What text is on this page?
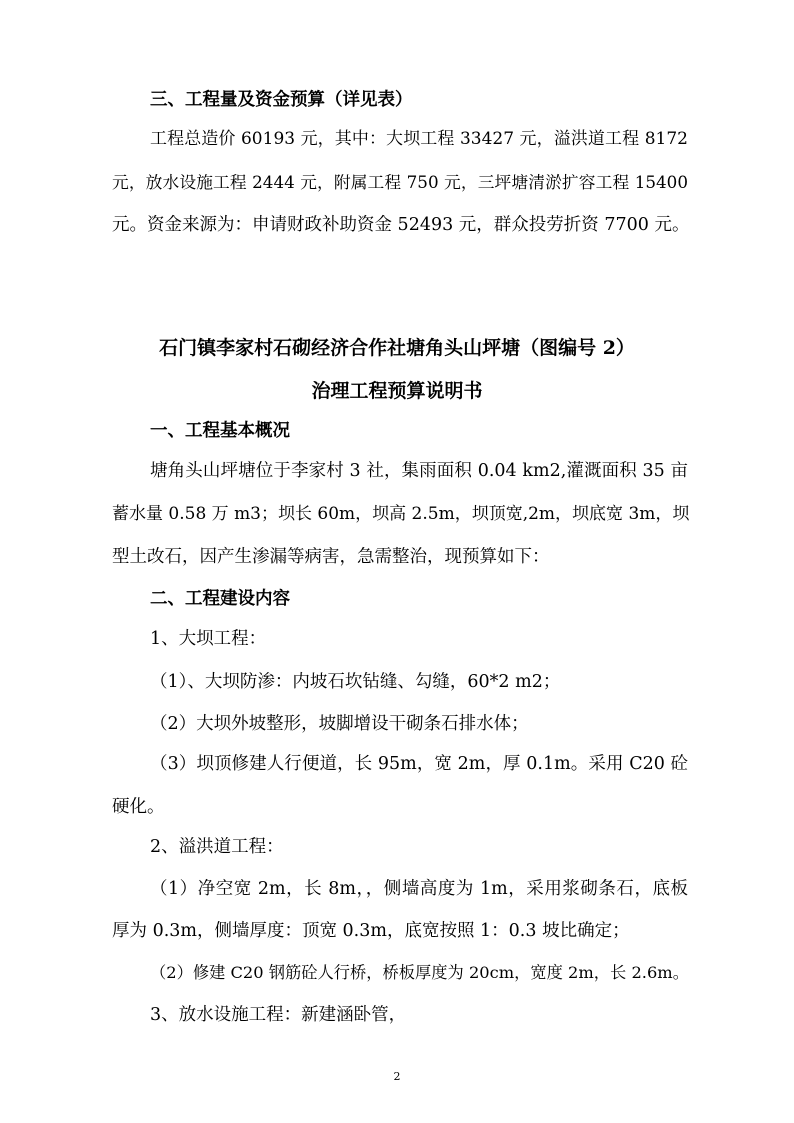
三、工程量及资金预算（详见表）
工程总造价 60193 元，其中：大坝工程 33427 元，溢洪道工程 8172
元，放水设施工程 2444 元，附属工程 750 元，三坪塘清淤扩容工程 15400
元。资金来源为：申请财政补助资金 52493 元，群众投劳折资 7700 元。
石门镇李家村石砌经济合作社塘角头山坪塘（图编号 2）
治理工程预算说明书
一、工程基本概况
塘角头山坪塘位于李家村 3 社，集雨面积 0.04 km2,灌溉面积 35 亩
蓄水量 0.58 万 m3；坝长 60m，坝高 2.5m，坝顶宽,2m，坝底宽 3m，坝
型土改石，因产生渗漏等病害，急需整治，现预算如下：
二、工程建设内容
1、大坝工程：
（1）、大坝防渗：内坡石坎钻缝、勾缝，60*2 m2；
（2）大坝外坡整形，坡脚增设干砌条石排水体；
（3）坝顶修建人行便道，长 95m，宽 2m，厚 0.1m。采用 C20 砼
硬化。
2、溢洪道工程：
（1）净空宽 2m，长 8m，，侧墙高度为 1m，采用浆砌条石，底板
厚为 0.3m，侧墙厚度：顶宽 0.3m，底宽按照 1：0.3 坡比确定；
（2）修建 C20 钢筋砼人行桥，桥板厚度为 20cm，宽度 2m，长 2.6m。
3、放水设施工程：新建涵卧管，
2
